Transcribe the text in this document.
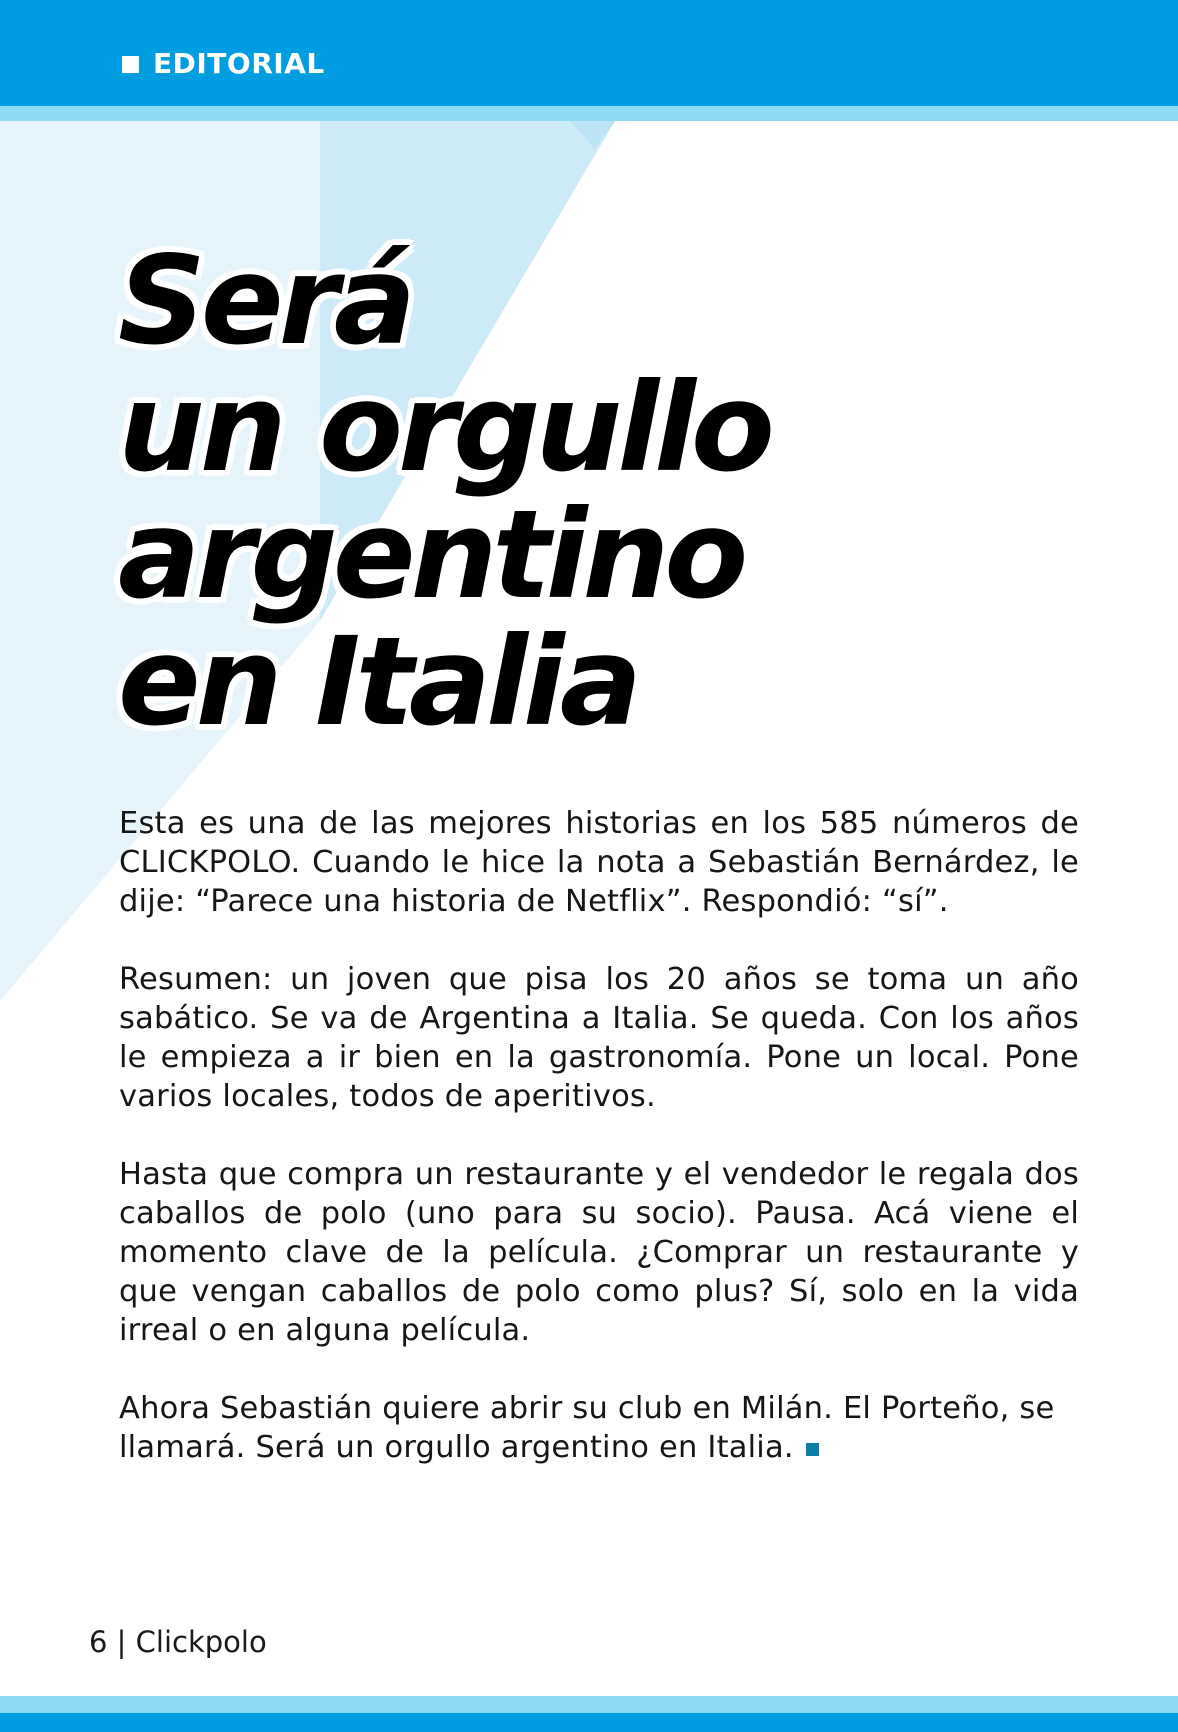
EDITORIAL
Será
un orgullo
argentino
en Italia

Esta es una de las mejores historias en los 585 números de CLICKPOLO. Cuando le hice la nota a Sebastián Bernárdez, le dije: “Parece una historia de Netflix”. Respondió: “sí”.

Resumen: un joven que pisa los 20 años se toma un año sabático. Se va de Argentina a Italia. Se queda. Con los años le empieza a ir bien en la gastronomía. Pone un local. Pone varios locales, todos de aperitivos.

Hasta que compra un restaurante y el vendedor le regala dos caballos de polo (uno para su socio). Pausa. Acá viene el momento clave de la película. ¿Comprar un restaurante y que vengan caballos de polo como plus? Sí, solo en la vida irreal o en alguna película.

Ahora Sebastián quiere abrir su club en Milán. El Porteño, se llamará. Será un orgullo argentino en Italia.

6 | Clickpolo
